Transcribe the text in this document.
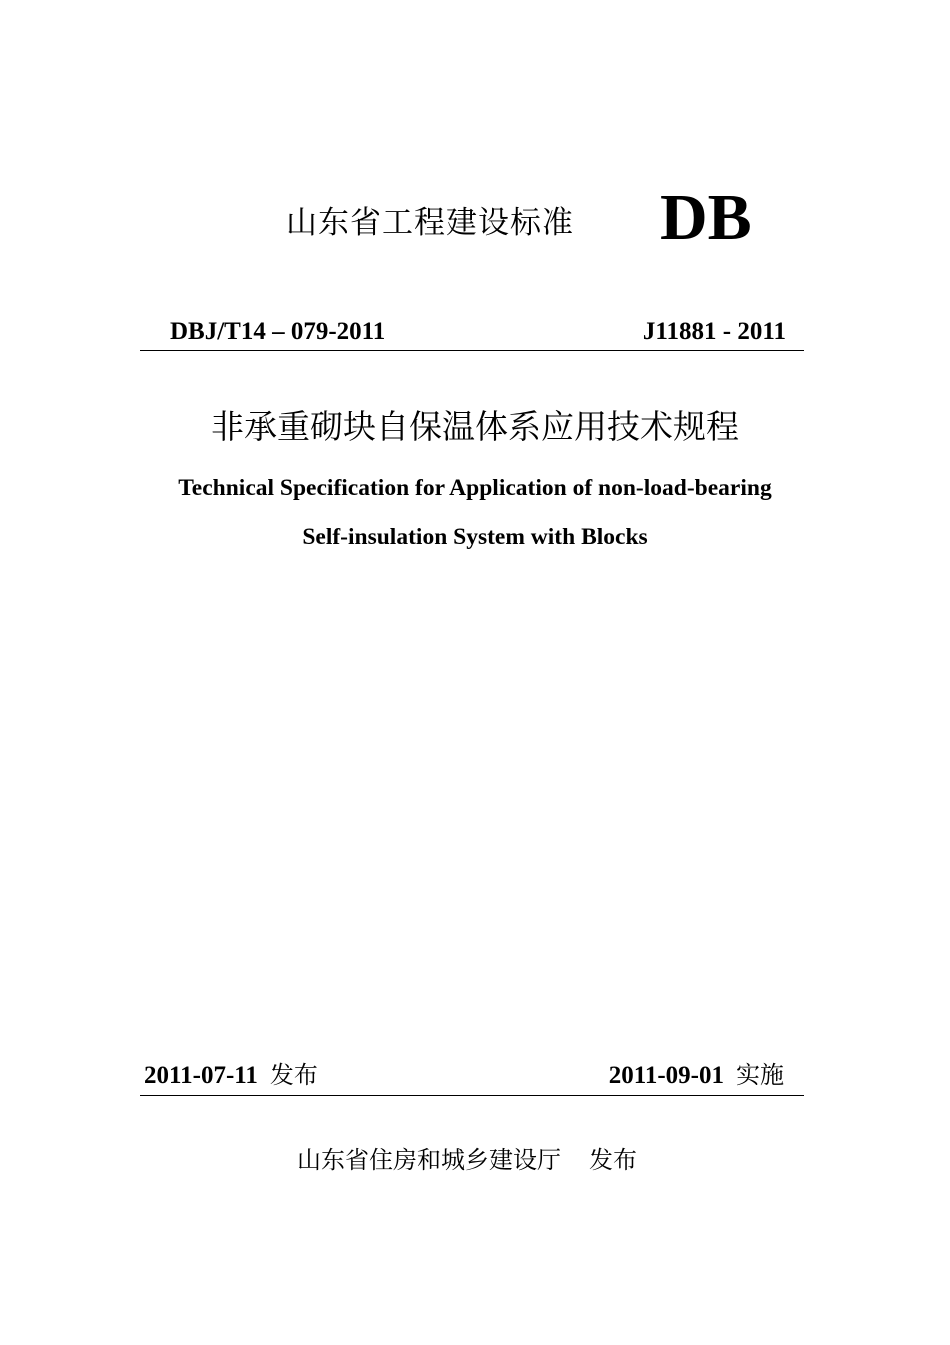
山东省工程建设标准 DB
DBJ/T14 – 079-2011	J11881 - 2011
非承重砌块自保温体系应用技术规程
Technical Specification for Application of non-load-bearing
Self-insulation System with Blocks
2011-07-11 发布	2011-09-01 实施
山东省住房和城乡建设厅 发布
